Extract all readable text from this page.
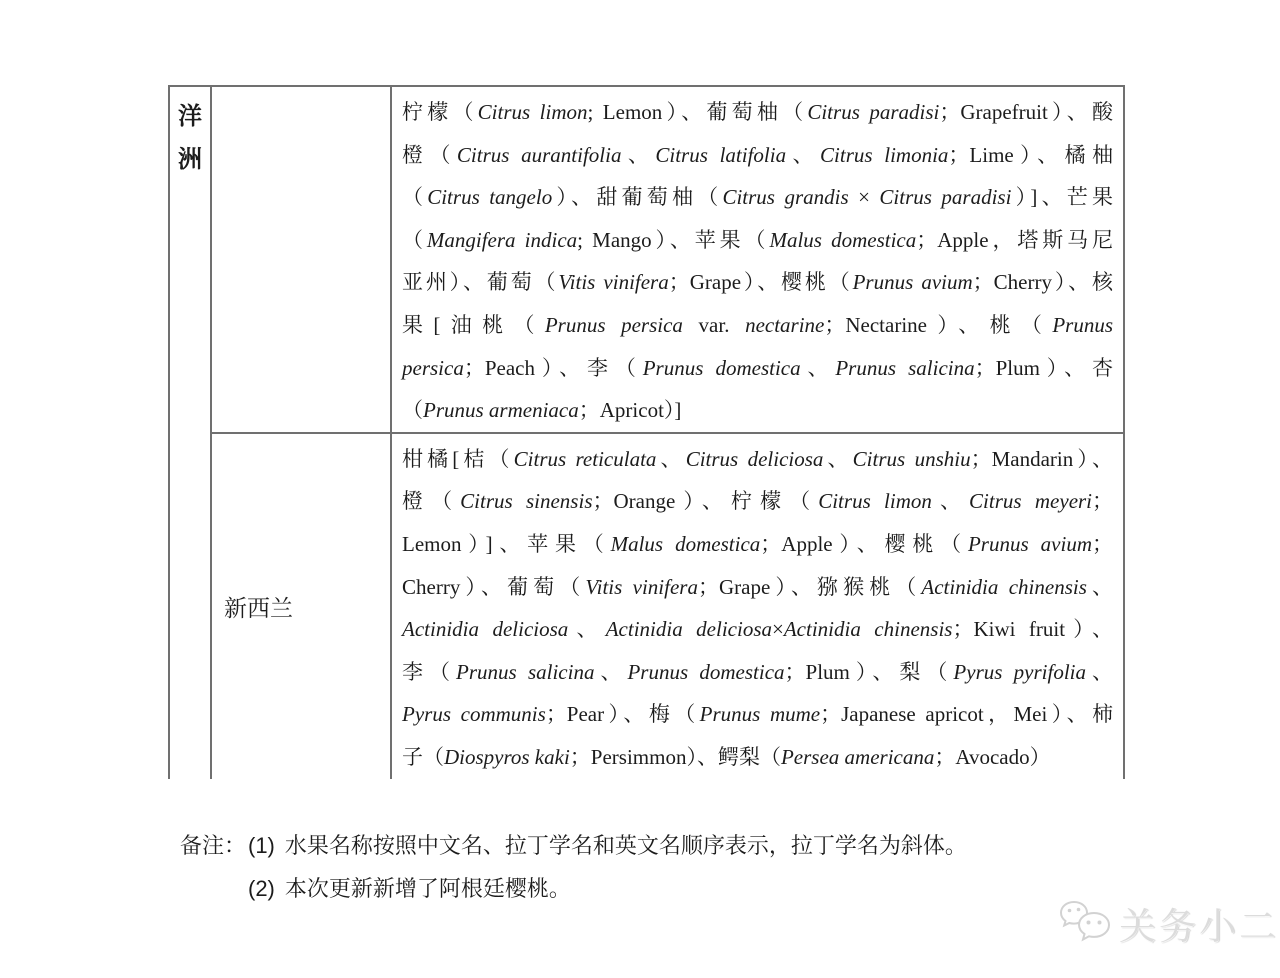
洋
洲
柠檬（Citrus limon; Lemon）、葡萄柚（Citrus paradisi；Grapefruit）、酸
橙（Citrus aurantifolia、Citrus latifolia、Citrus limonia；Lime）、橘柚
（Citrus tangelo）、甜葡萄柚（Citrus grandis × Citrus paradisi）]、芒果
（Mangifera indica; Mango）、苹果（Malus domestica；Apple，塔斯马尼
亚州）、葡萄（Vitis vinifera；Grape）、樱桃（Prunus avium；Cherry）、核
果[油桃（Prunus persica var. nectarine；Nectarine）、桃（Prunus
persica；Peach）、李（Prunus domestica、Prunus salicina；Plum）、杏
（Prunus armeniaca；Apricot）]
新西兰
柑橘[桔（Citrus reticulata、Citrus deliciosa、Citrus unshiu；Mandarin）、
橙（Citrus sinensis；Orange）、柠檬（Citrus limon、Citrus meyeri；
Lemon）]、苹果（Malus domestica；Apple）、樱桃（Prunus avium；
Cherry）、葡萄（Vitis vinifera；Grape）、猕猴桃（Actinidia chinensis、
Actinidia deliciosa、Actinidia deliciosa×Actinidia chinensis；Kiwi fruit）、
李（Prunus salicina、Prunus domestica；Plum）、梨（Pyrus pyrifolia、
Pyrus communis；Pear）、梅（Prunus mume；Japanese apricot，Mei）、柿
子（Diospyros kaki；Persimmon）、鳄梨（Persea americana；Avocado）
备注： (1) 水果名称按照中文名、拉丁学名和英文名顺序表示，拉丁学名为斜体。
(2) 本次更新新增了阿根廷樱桃。
关务小二
